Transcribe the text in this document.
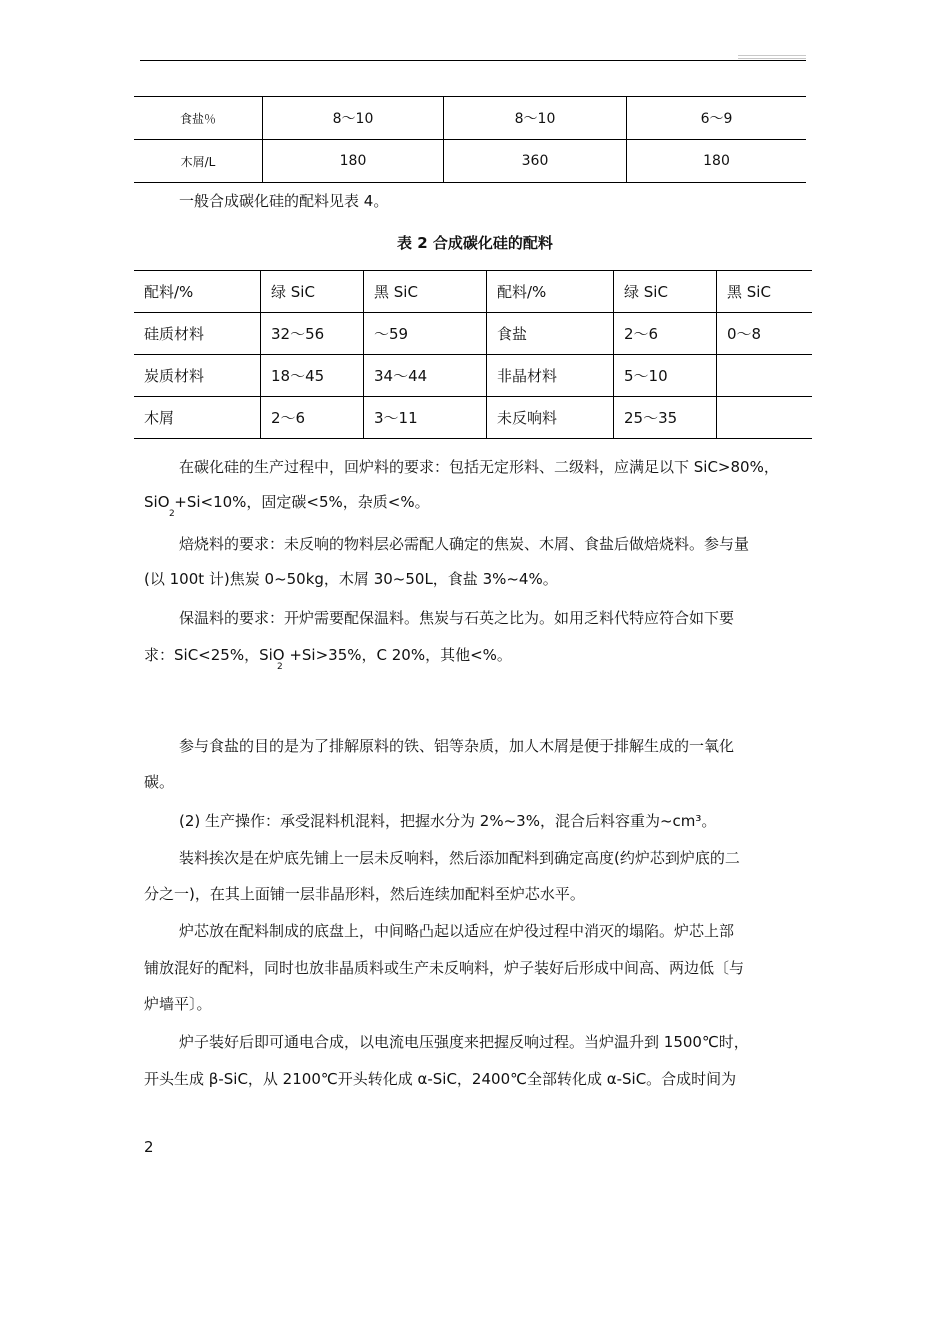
食盐％	8～10	8～10	6～9
木屑/L	180	360	180
一般合成碳化硅的配料见表 4。
表 2 合成碳化硅的配料
配料/%	绿 SiC	黑 SiC	配料/%	绿 SiC	黑 SiC
硅质材料	32～56	～59	食盐	2～6	0～8
炭质材料	18～45	34～44	非晶材料	5～10	
木屑	2～6	3～11	未反响料	25～35	
在碳化硅的生产过程中，回炉料的要求：包括无定形料、二级料，应满足以下 SiC>80%，
SiO +Si<10%，固定碳<5%，杂质<%。
2
焙烧料的要求：未反响的物料层必需配人确定的焦炭、木屑、食盐后做焙烧料。参与量
(以 100t 计)焦炭 0~50kg，木屑 30~50L，食盐 3%~4%。
保温料的要求：开炉需要配保温料。焦炭与石英之比为。如用乏料代特应符合如下要
求：SiC<25%，SiO +Si>35%，C 20%，其他<%。
2
参与食盐的目的是为了排解原料的铁、铝等杂质，加人木屑是便于排解生成的一氧化
碳。
(2) 生产操作：承受混料机混料，把握水分为 2%~3%，混合后料容重为~cm³。
装料挨次是在炉底先铺上一层未反响料，然后添加配料到确定高度(约炉芯到炉底的二
分之一)，在其上面铺一层非晶形料，然后连续加配料至炉芯水平。
炉芯放在配料制成的底盘上，中间略凸起以适应在炉役过程中消灭的塌陷。炉芯上部
铺放混好的配料，同时也放非晶质料或生产未反响料，炉子装好后形成中间高、两边低〔与
炉墙平〕。
炉子装好后即可通电合成，以电流电压强度来把握反响过程。当炉温升到 1500℃时，
开头生成 β-SiC，从 2100℃开头转化成 α-SiC，2400℃全部转化成 α-SiC。合成时间为
2
